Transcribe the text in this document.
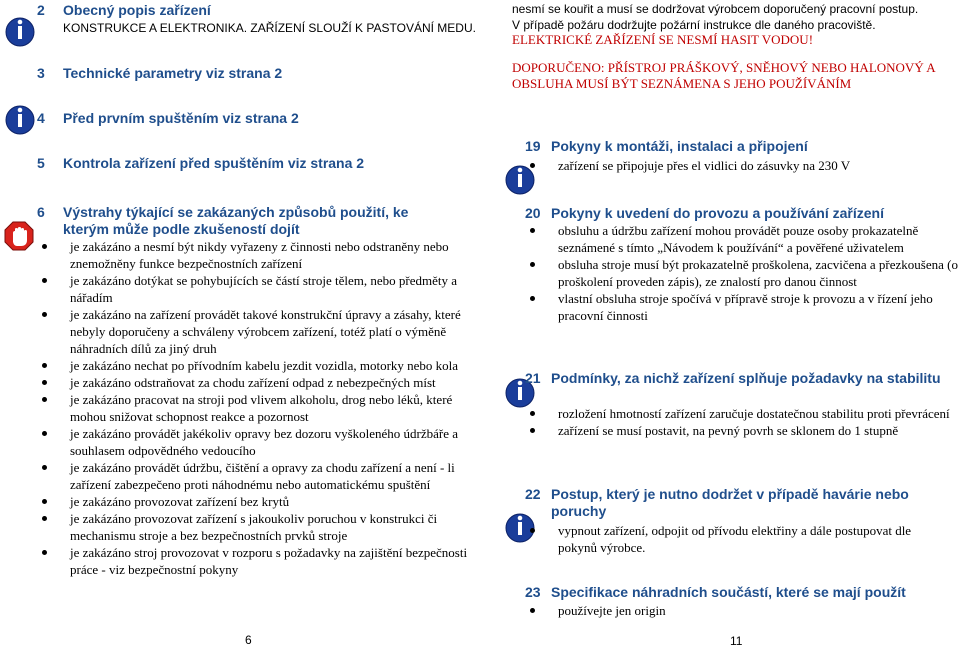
2 Obecný popis zařízení
KONSTRUKCE A ELEKTRONIKA. ZAŘÍZENÍ SLOUŽÍ K PASTOVÁNÍ MEDU.
3 Technické parametry viz strana 2
4 Před prvním spuštěním viz strana 2
5 Kontrola zařízení před spuštěním viz strana 2
6 Výstrahy týkající se zakázaných způsobů použití, ke kterým může podle zkušeností dojít
je zakázáno a nesmí být nikdy vyřazeny z činnosti nebo odstraněny nebo znemožněny funkce bezpečnostních zařízení
je zakázáno dotýkat se pohybujících se částí stroje tělem, nebo předměty a nářadím
je zakázáno na zařízení provádět takové konstrukční úpravy a zásahy, které nebyly doporučeny a schváleny výrobcem zařízení, totéž platí o výměně náhradních dílů za jiný druh
je zakázáno nechat po přívodním kabelu jezdit vozidla, motorky nebo kola
je zakázáno odstraňovat za chodu zařízení odpad z nebezpečných míst
je zakázáno pracovat na stroji pod vlivem alkoholu, drog nebo léků, které mohou snižovat schopnost reakce a pozornost
je zakázáno provádět jakékoliv opravy bez dozoru vyškoleného údržbáře a souhlasem odpovědného vedoucího
je zakázáno provádět údržbu, čištění a opravy za chodu zařízení a není - li zařízení zabezpečeno proti náhodnému nebo automatickému spuštění
je zakázáno provozovat zařízení bez krytů
je zakázáno provozovat zařízení s jakoukoliv poruchou v konstrukci či mechanismu stroje a bez bezpečnostních prvků stroje
je zakázáno stroj provozovat v rozporu s požadavky na zajištění bezpečnosti práce - viz bezpečnostní pokyny
6
nesmí se kouřit a musí se dodržovat výrobcem doporučený pracovní postup.
V případě požáru dodržujte požární instrukce dle daného pracoviště.
ELEKTRICKÉ ZAŘÍZENÍ SE NESMÍ HASIT VODOU!
DOPORUČENO: PŘÍSTROJ PRÁŠKOVÝ, SNĚHOVÝ NEBO HALONOVÝ A OBSLUHA MUSÍ BÝT SEZNÁMENA S JEHO POUŽÍVÁNÍM
19 Pokyny k montáži, instalaci a připojení
zařízení se připojuje přes el vidlici do zásuvky na 230 V
20 Pokyny k uvedení do provozu a používání zařízení
obsluhu a údržbu zařízení mohou provádět pouze osoby prokazatelně seznámené s tímto „Návodem k používání“ a pověřené uživatelem
obsluha stroje musí být prokazatelně proškolena, zacvičena a přezkoušena (o proškolení proveden zápis), ze znalostí pro danou činnost
vlastní obsluha stroje spočívá v přípravě stroje k provozu a v řízení jeho pracovní činnosti
21 Podmínky, za nichž zařízení splňuje požadavky na stabilitu
rozložení hmotností zařízení zaručuje dostatečnou stabilitu proti převrácení
zařízení se musí postavit, na pevný povrh se sklonem do 1 stupně
22 Postup, který je nutno dodržet v případě havárie nebo poruchy
vypnout zařízení, odpojit od přívodu elektřiny a dále postupovat dle pokynů výrobce.
23 Specifikace náhradních součástí, které se mají použít
používejte jen origin
11
